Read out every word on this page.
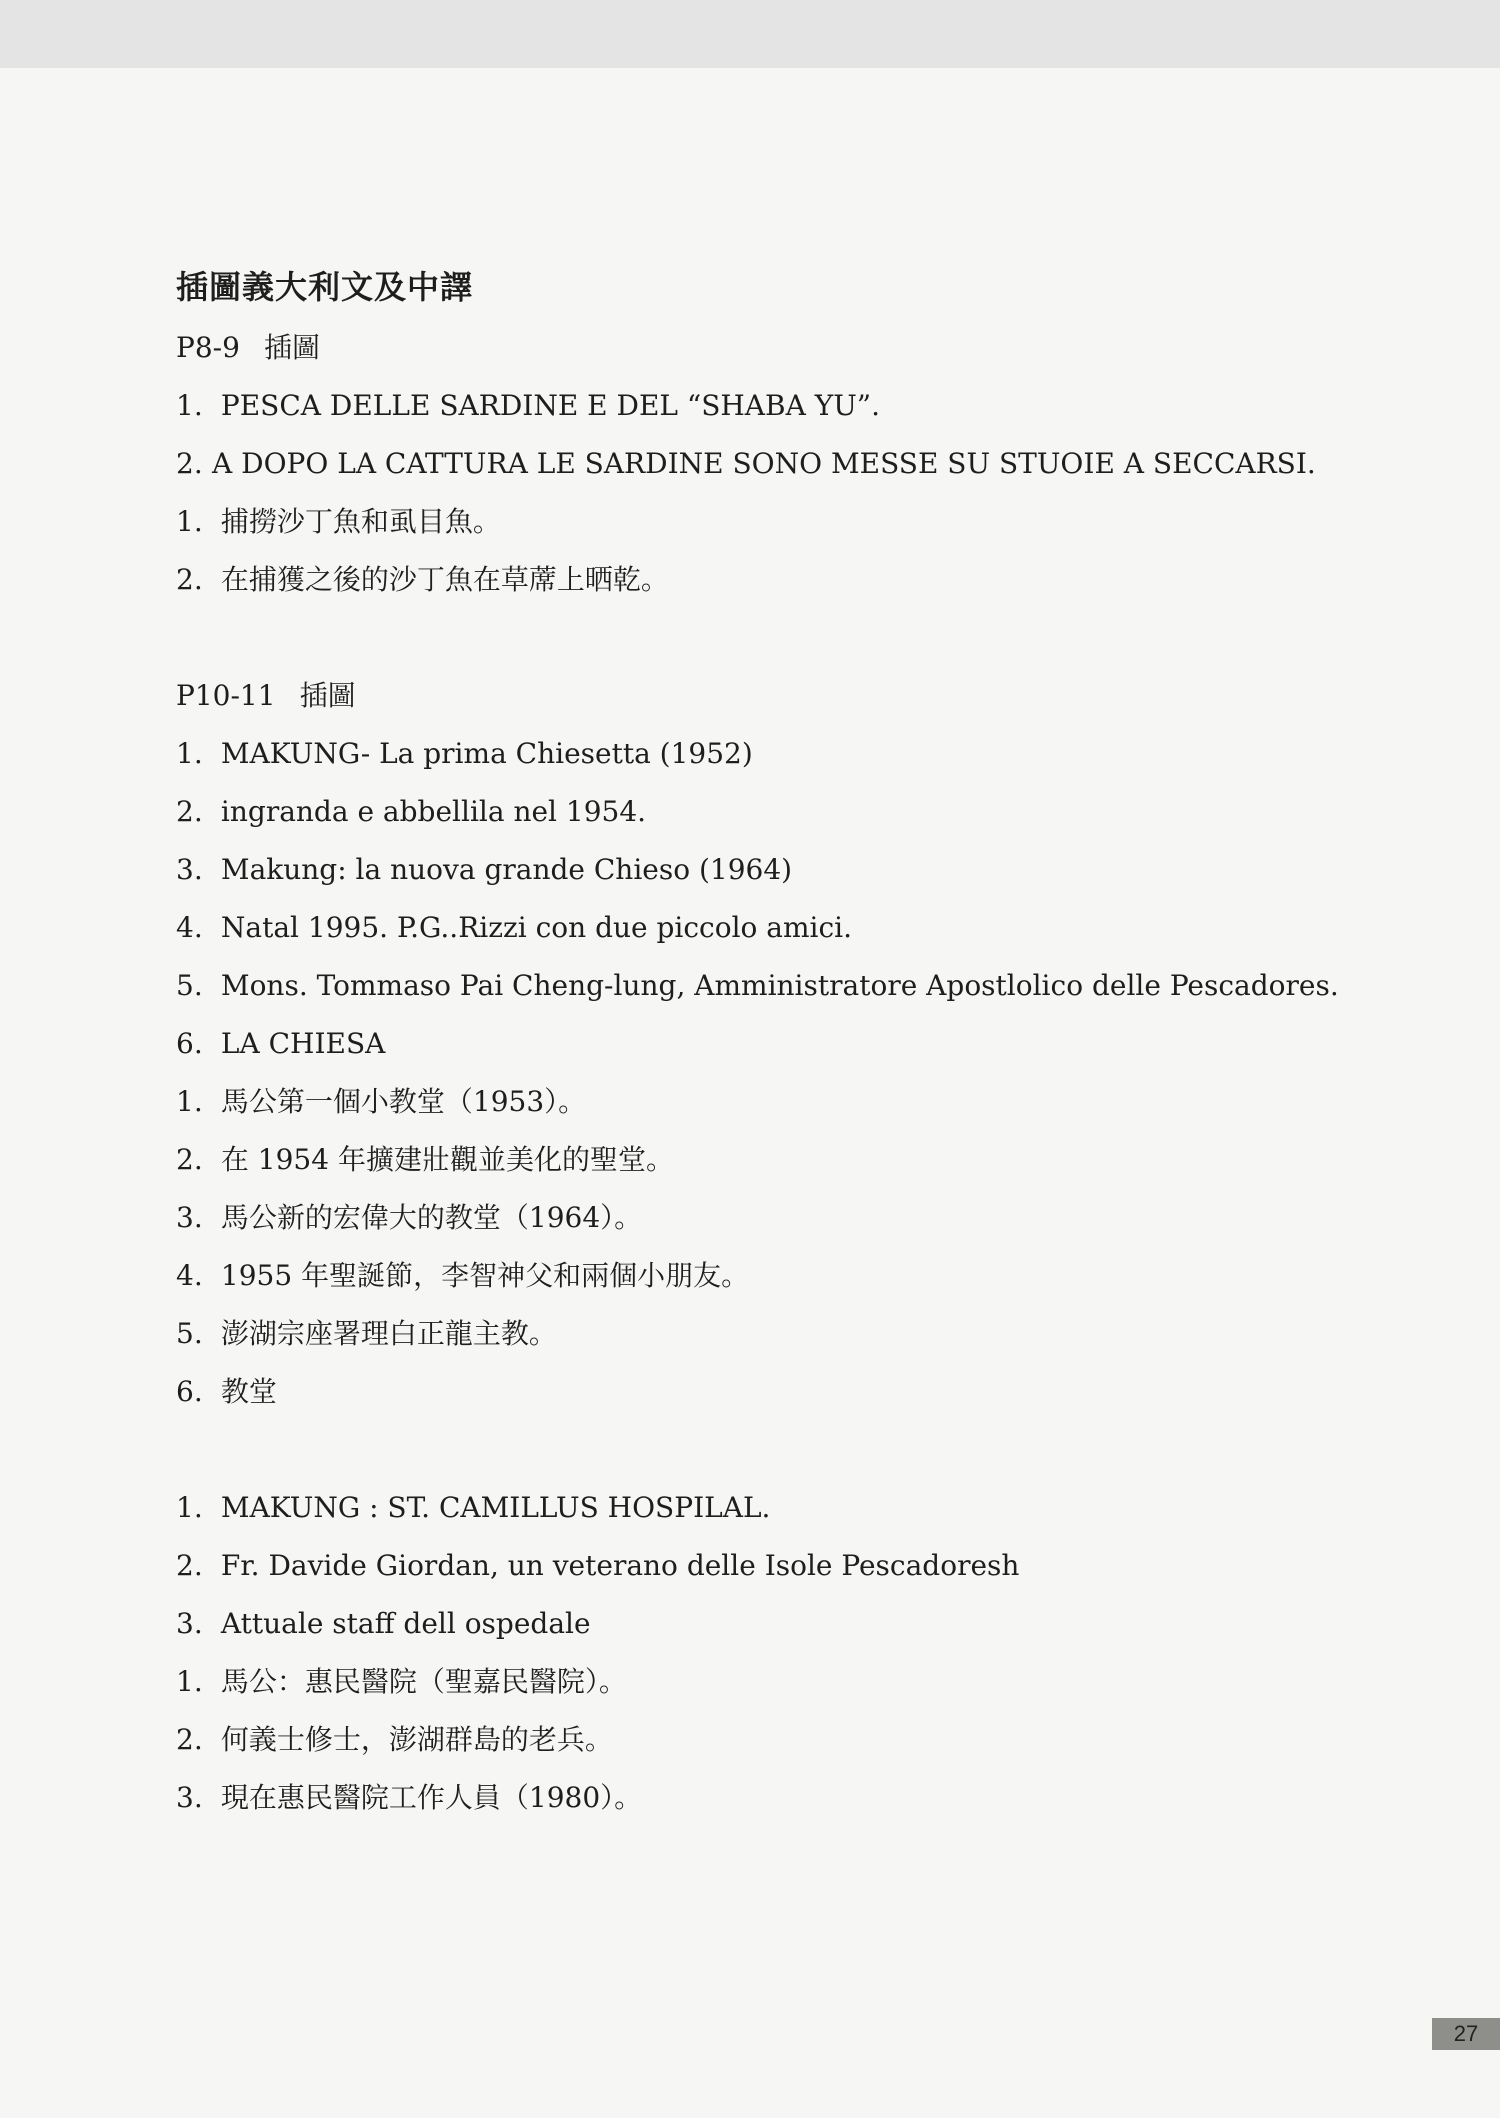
插圖義大利文及中譯
P8-9 插圖
1. PESCA DELLE SARDINE E DEL “SHABA YU”.
2. A DOPO LA CATTURA LE SARDINE SONO MESSE SU STUOIE A SECCARSI.
1. 捕撈沙丁魚和虱目魚。
2. 在捕獲之後的沙丁魚在草蓆上晒乾。
P10-11 插圖
1. MAKUNG- La prima Chiesetta (1952)
2. ingranda e abbellila nel 1954.
3. Makung: la nuova grande Chieso (1964)
4. Natal 1995. P.G..Rizzi con due piccolo amici.
5. Mons. Tommaso Pai Cheng-lung, Amministratore Apostlolico delle Pescadores.
6. LA CHIESA
1. 馬公第一個小教堂（1953）。
2. 在 1954 年擴建壯觀並美化的聖堂。
3. 馬公新的宏偉大的教堂（1964）。
4. 1955 年聖誕節，李智神父和兩個小朋友。
5. 澎湖宗座署理白正龍主教。
6. 教堂
1. MAKUNG : ST. CAMILLUS HOSPILAL.
2. Fr. Davide Giordan, un veterano delle Isole Pescadoresh
3. Attuale staff dell ospedale
1. 馬公：惠民醫院（聖嘉民醫院）。
2. 何義士修士，澎湖群島的老兵。
3. 現在惠民醫院工作人員（1980）。
27
